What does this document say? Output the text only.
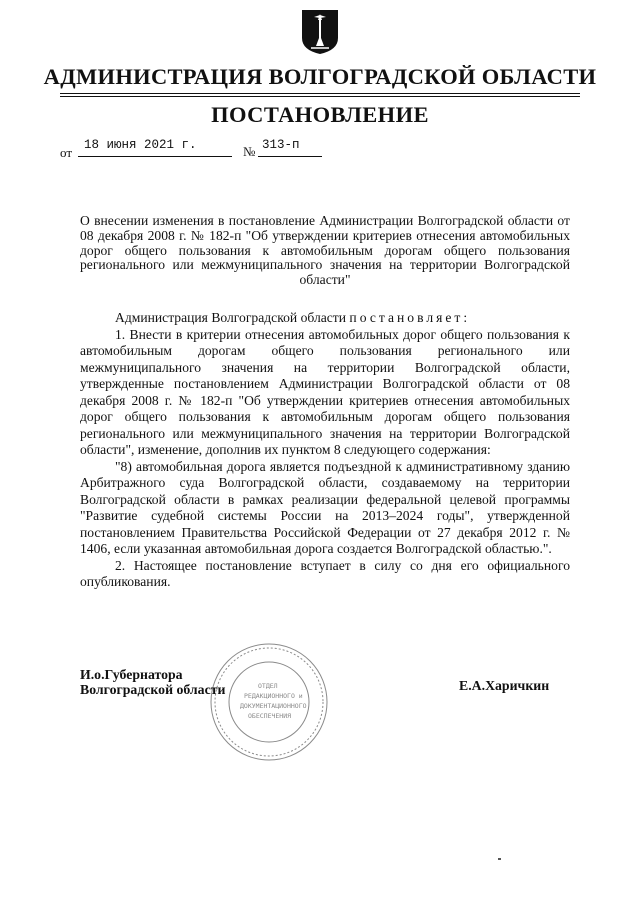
АДМИНИСТРАЦИЯ ВОЛГОГРАДСКОЙ ОБЛАСТИ
ПОСТАНОВЛЕНИЕ
от 18 июня 2021 г.	№ 313-п
О внесении изменения в постановление Администрации Волгоградской области от 08 декабря 2008 г. № 182-п "Об утверждении критериев отнесения автомобильных дорог общего пользования к автомобильным дорогам общего пользования регионального или межмуниципального значения на территории Волгоградской области"

Администрация Волгоградской области постановляет:

1. Внести в критерии отнесения автомобильных дорог общего пользования к автомобильным дорогам общего пользования регионального или межмуниципального значения на территории Волгоградской области, утвержденные постановлением Администрации Волгоградской области от 08 декабря 2008 г. № 182-п "Об утверждении критериев отнесения автомобильных дорог общего пользования к автомобильным дорогам общего пользования регионального или межмуниципального значения на территории Волгоградской области", изменение, дополнив их пунктом 8 следующего содержания:

"8) автомобильная дорога является подъездной к административному зданию Арбитражного суда Волгоградской области, создаваемому на территории Волгоградской области в рамках реализации федеральной целевой программы "Развитие судебной системы России на 2013–2024 годы", утвержденной постановлением Правительства Российской Федерации от 27 декабря 2012 г. № 1406, если указанная автомобильная дорога создается Волгоградской областью.".

2. Настоящее постановление вступает в силу со дня его официального опубликования.

ОТДЕЛ
РЕДАКЦИОННОГО и
ДОКУМЕНТАЦИОННОГО
ОБЕСПЕЧЕНИЯ
И.о.Губернатора
Волгоградской области	Е.А.Харичкин
